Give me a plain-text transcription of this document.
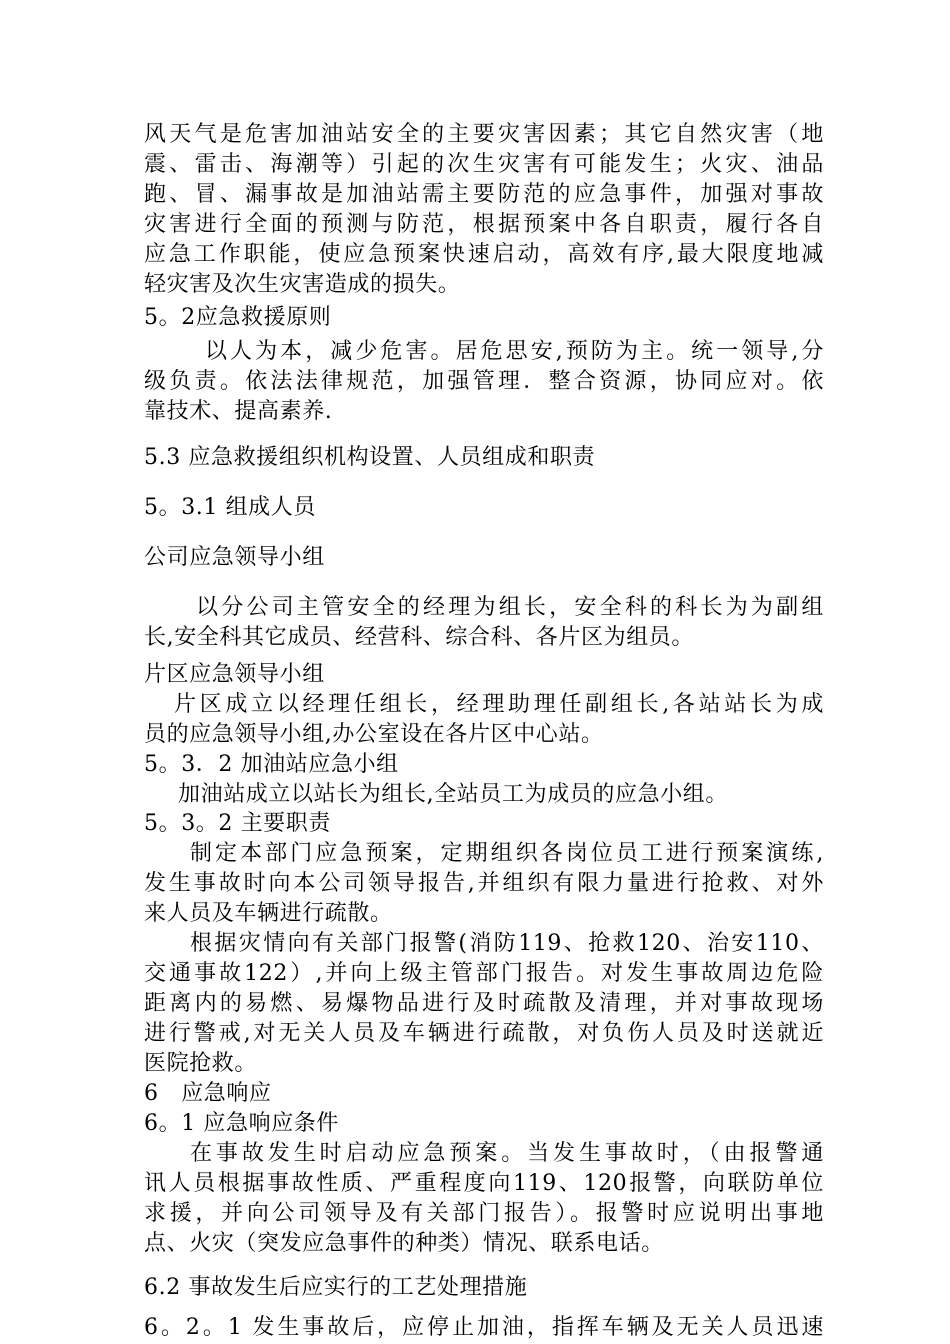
风天气是危害加油站安全的主要灾害因素；其它自然灾害（地
震、雷击、海潮等）引起的次生灾害有可能发生；火灾、油品
跑、冒、漏事故是加油站需主要防范的应急事件，加强对事故
灾害进行全面的预测与防范，根据预案中各自职责，履行各自
应急工作职能，使应急预案快速启动，高效有序,最大限度地减
轻灾害及次生灾害造成的损失。
5。2应急救援原则
以人为本，减少危害。居危思安,预防为主。统一领导,分
级负责。依法法律规范，加强管理．整合资源，协同应对。依
靠技术、提高素养.
5.3 应急救援组织机构设置、人员组成和职责
5。3.1 组成人员
公司应急领导小组
以分公司主管安全的经理为组长，安全科的科长为为副组
长,安全科其它成员、经营科、综合科、各片区为组员。
片区应急领导小组
片区成立以经理任组长，经理助理任副组长,各站站长为成
员的应急领导小组,办公室设在各片区中心站。
5。3．2 加油站应急小组
加油站成立以站长为组长,全站员工为成员的应急小组。
5。3。2 主要职责
制定本部门应急预案，定期组织各岗位员工进行预案演练,
发生事故时向本公司领导报告,并组织有限力量进行抢救、对外
来人员及车辆进行疏散。
根据灾情向有关部门报警(消防119、抢救120、治安110、
交通事故122）,并向上级主管部门报告。对发生事故周边危险
距离内的易燃、易爆物品进行及时疏散及清理，并对事故现场
进行警戒,对无关人员及车辆进行疏散，对负伤人员及时送就近
医院抢救。
6　应急响应
6。1 应急响应条件
在事故发生时启动应急预案。当发生事故时，（由报警通
讯人员根据事故性质、严重程度向119、120报警，向联防单位
求援，并向公司领导及有关部门报告）。报警时应说明出事地
点、火灾（突发应急事件的种类）情况、联系电话。
6.2 事故发生后应实行的工艺处理措施
6。2。1 发生事故后，应停止加油，指挥车辆及无关人员迅速
